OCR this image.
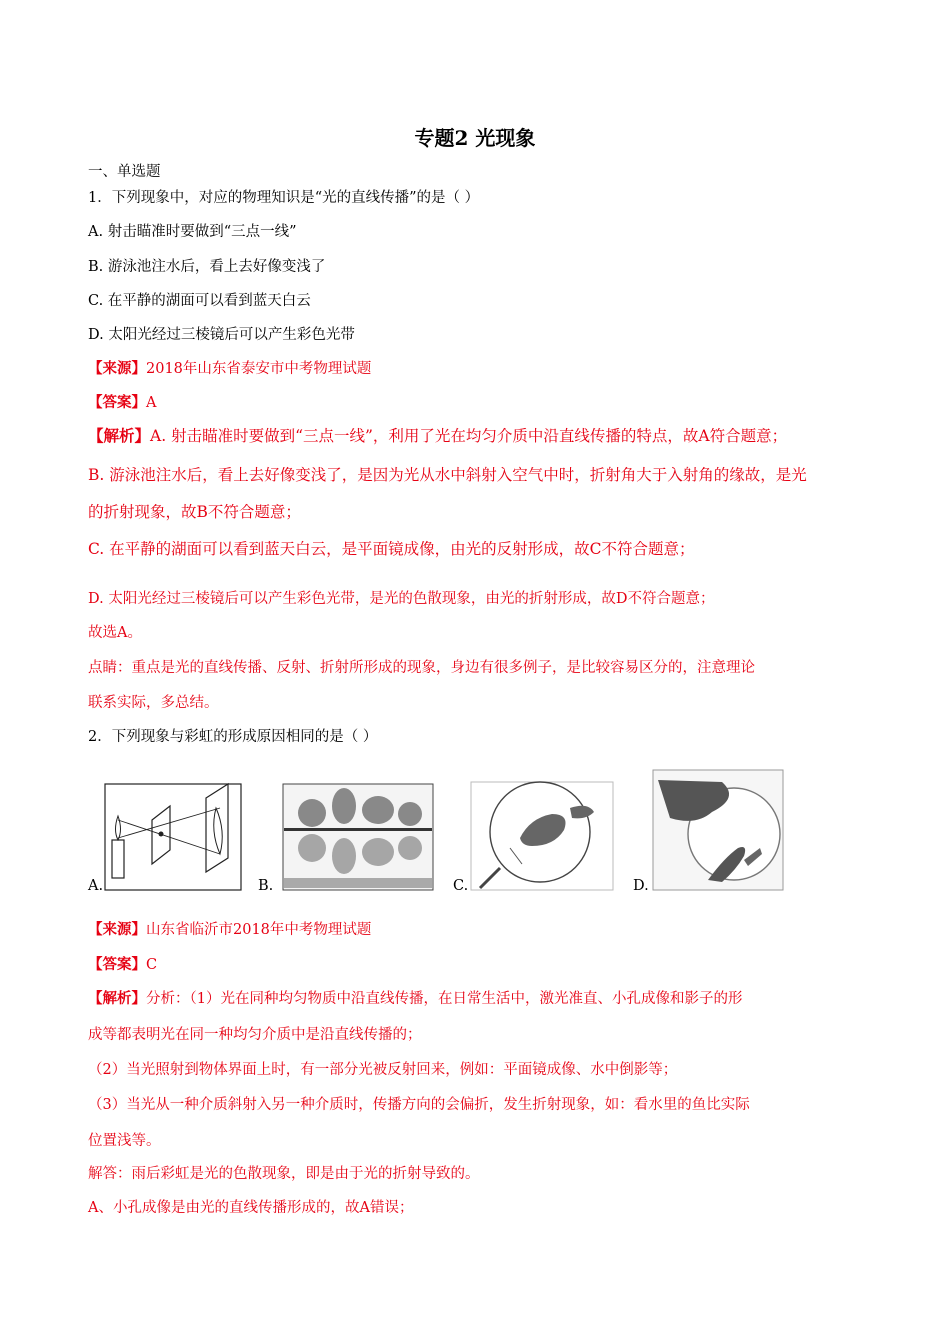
专题2 光现象
一、单选题
1．下列现象中，对应的物理知识是“光的直线传播”的是（ ）
A. 射击瞄准时要做到“三点一线”
B. 游泳池注水后，看上去好像变浅了
C. 在平静的湖面可以看到蓝天白云
D. 太阳光经过三棱镜后可以产生彩色光带
【来源】2018年山东省泰安市中考物理试题
【答案】A
【解析】A. 射击瞄准时要做到“三点一线”，利用了光在均匀介质中沿直线传播的特点，故A符合题意；
B. 游泳池注水后，看上去好像变浅了，是因为光从水中斜射入空气中时，折射角大于入射角的缘故，是光
的折射现象，故B不符合题意；
C. 在平静的湖面可以看到蓝天白云，是平面镜成像，由光的反射形成，故C不符合题意；
D. 太阳光经过三棱镜后可以产生彩色光带，是光的色散现象，由光的折射形成，故D不符合题意；
故选A。
点睛：重点是光的直线传播、反射、折射所形成的现象，身边有很多例子，是比较容易区分的，注意理论
联系实际，多总结。
2．下列现象与彩虹的形成原因相同的是（ ）
A.	B.	C.	D.
【来源】山东省临沂市2018年中考物理试题
【答案】C
【解析】分析：（1）光在同种均匀物质中沿直线传播，在日常生活中，激光准直、小孔成像和影子的形
成等都表明光在同一种均匀介质中是沿直线传播的；
（2）当光照射到物体界面上时，有一部分光被反射回来，例如：平面镜成像、水中倒影等；
（3）当光从一种介质斜射入另一种介质时，传播方向的会偏折，发生折射现象，如：看水里的鱼比实际
位置浅等。
解答：雨后彩虹是光的色散现象，即是由于光的折射导致的。
A、小孔成像是由光的直线传播形成的，故A错误；
